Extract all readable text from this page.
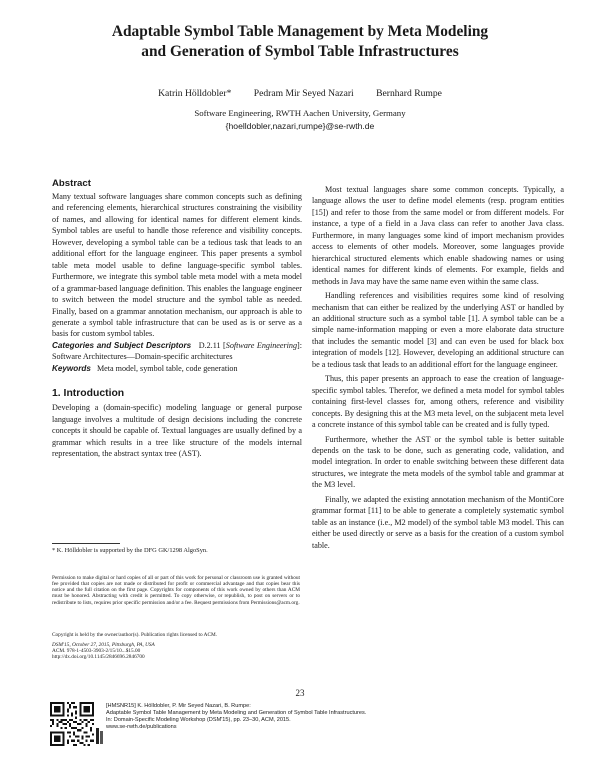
Adaptable Symbol Table Management by Meta Modeling
and Generation of Symbol Table Infrastructures
Katrin Hölldobler* Pedram Mir Seyed Nazari Bernhard Rumpe
Software Engineering, RWTH Aachen University, Germany
{hoelldobler,nazari,rumpe}@se-rwth.de
Abstract

Many textual software languages share common concepts such as defining and referencing elements, hierarchical structures constraining the visibility of names, and allowing for identical names for different element kinds. Symbol tables are useful to handle those reference and visibility concepts. However, developing a symbol table can be a tedious task that leads to an additional effort for the language engineer. This paper presents a symbol table meta model usable to define language-specific symbol tables. Furthermore, we integrate this symbol table meta model with a meta model of a grammar-based language definition. This enables the language engineer to switch between the model structure and the symbol table as needed. Finally, based on a grammar annotation mechanism, our approach is able to generate a symbol table infrastructure that can be used as is or serve as a basis for custom symbol tables.

Categories and Subject Descriptors D.2.11 [Software Engineering]: Software Architectures—Domain-specific architectures

Keywords Meta model, symbol table, code generation

1. Introduction

Developing a (domain-specific) modeling language or general purpose language involves a multitude of design decisions including the concrete concepts it should be capable of. Textual languages are usually defined by a grammar which results in a tree like structure of the models internal representation, the abstract syntax tree (AST).

* K. Hölldobler is supported by the DFG GK/1298 AlgoSyn.
Permission to make digital or hard copies of all or part of this work for personal or classroom use is granted without fee provided that copies are not made or distributed for profit or commercial advantage and that copies bear this notice and the full citation on the first page. Copyrights for components of this work owned by others than ACM must be honored. Abstracting with credit is permitted. To copy otherwise, or republish, to post on servers or to redistribute to lists, requires prior specific permission and/or a fee. Request permissions from Permissions@acm.org.
Copyright is held by the owner/author(s). Publication rights licensed to ACM.
DSM'15, October 27, 2015, Pittsburgh, PA, USA
ACM. 978-1-4503-3903-2/15/10...$15.00
http://dx.doi.org/10.1145/2846696.2846700

Most textual languages share some common concepts. Typically, a language allows the user to define model elements (resp. program entities [15]) and refer to those from the same model or from different models. For instance, a type of a field in a Java class can refer to another Java class. Furthermore, in many languages some kind of import mechanism provides access to elements of other models. Moreover, some languages provide hierarchical structured elements which enable shadowing names or using identical names for different kinds of elements. For example, fields and methods in Java may have the same name even within the same class.

Handling references and visibilities requires some kind of resolving mechanism that can either be realized by the underlying AST or handled by an additional structure such as a symbol table [1]. A symbol table can be a simple name-information mapping or even a more elaborate data structure that includes the semantic model [3] and can even be used for black box integration of models [12]. However, developing an additional structure can be a tedious task that leads to an additional effort for the language engineer.

Thus, this paper presents an approach to ease the creation of language-specific symbol tables. Therefor, we defined a meta model for symbol tables containing first-level classes for, among others, reference and visibility concepts. By designing this at the M3 meta level, on the subjacent meta level a concrete instance of this symbol table can be created and is fully typed.

Furthermore, whether the AST or the symbol table is better suitable depends on the task to be done, such as generating code, validation, and model integration. In order to enable switching between these different data structures, we integrate the meta models of the symbol table and grammar at the M3 level.

Finally, we adapted the existing annotation mechanism of the MontiCore grammar format [11] to be able to generate a completely systematic symbol table as an instance (i.e., M2 model) of the symbol table M3 model. This can either be used directly or serve as a basis for the creation of a custom symbol table.

23
[HMSNR15] K. Hölldobler, P. Mir Seyed Nazari, B. Rumpe:
Adaptable Symbol Table Management by Meta Modeling and Generation of Symbol Table Infrastructures.
In: Domain-Specific Modeling Workshop (DSM'15), pp. 23–30, ACM, 2015.
www.se-rwth.de/publications
